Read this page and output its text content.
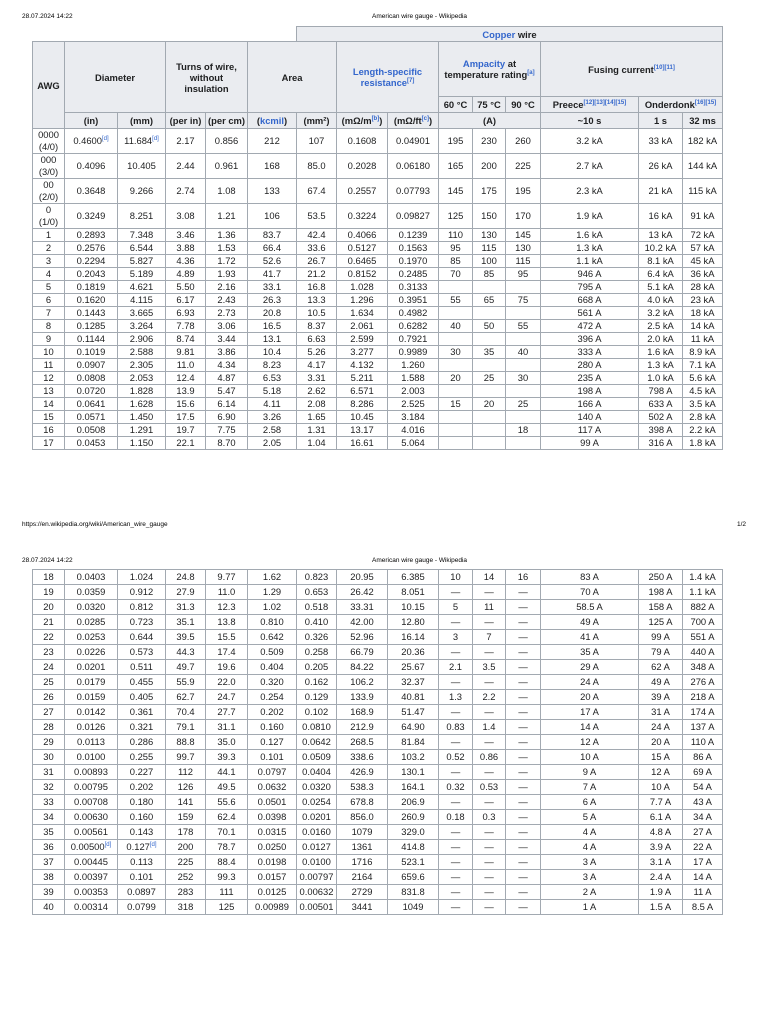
28.07.2024 14:22	American wire gauge - Wikipedia
						Copper wire								
AWG	Diameter		Turns of wire, without insulation		Area		Length-specific resistance[7]		Ampacity at temperature rating[a]			Fusing current[10][11]
									60 °C	75 °C	90 °C	Preece[12][13][14][15]	Onderdonk[16][15]
	(in)	(mm)	(per in)	(per cm)	(kcmil)	(mm²)	(mΩ/m[b])	(mΩ/ft[c])	(A)			~10 s	1 s	32 ms
0000
(4/0)	0.4600[d]	11.684[d]	2.17	0.856	212	107	0.1608	0.04901	195	230	260	3.2 kA	33 kA	182 kA
000
(3/0)	0.4096	10.405	2.44	0.961	168	85.0	0.2028	0.06180	165	200	225	2.7 kA	26 kA	144 kA
00
(2/0)	0.3648	9.266	2.74	1.08	133	67.4	0.2557	0.07793	145	175	195	2.3 kA	21 kA	115 kA
0
(1/0)	0.3249	8.251	3.08	1.21	106	53.5	0.3224	0.09827	125	150	170	1.9 kA	16 kA	91 kA
1	0.2893	7.348	3.46	1.36	83.7	42.4	0.4066	0.1239	110	130	145	1.6 kA	13 kA	72 kA
2	0.2576	6.544	3.88	1.53	66.4	33.6	0.5127	0.1563	95	115	130	1.3 kA	10.2 kA	57 kA
3	0.2294	5.827	4.36	1.72	52.6	26.7	0.6465	0.1970	85	100	115	1.1 kA	8.1 kA	45 kA
4	0.2043	5.189	4.89	1.93	41.7	21.2	0.8152	0.2485	70	85	95	946 A	6.4 kA	36 kA
5	0.1819	4.621	5.50	2.16	33.1	16.8	1.028	0.3133				795 A	5.1 kA	28 kA
6	0.1620	4.115	6.17	2.43	26.3	13.3	1.296	0.3951	55	65	75	668 A	4.0 kA	23 kA
7	0.1443	3.665	6.93	2.73	20.8	10.5	1.634	0.4982				561 A	3.2 kA	18 kA
8	0.1285	3.264	7.78	3.06	16.5	8.37	2.061	0.6282	40	50	55	472 A	2.5 kA	14 kA
9	0.1144	2.906	8.74	3.44	13.1	6.63	2.599	0.7921				396 A	2.0 kA	11 kA
10	0.1019	2.588	9.81	3.86	10.4	5.26	3.277	0.9989	30	35	40	333 A	1.6 kA	8.9 kA
11	0.0907	2.305	11.0	4.34	8.23	4.17	4.132	1.260				280 A	1.3 kA	7.1 kA
12	0.0808	2.053	12.4	4.87	6.53	3.31	5.211	1.588	20	25	30	235 A	1.0 kA	5.6 kA
13	0.0720	1.828	13.9	5.47	5.18	2.62	6.571	2.003				198 A	798 A	4.5 kA
14	0.0641	1.628	15.6	6.14	4.11	2.08	8.286	2.525	15	20	25	166 A	633 A	3.5 kA
15	0.0571	1.450	17.5	6.90	3.26	1.65	10.45	3.184				140 A	502 A	2.8 kA
16	0.0508	1.291	19.7	7.75	2.58	1.31	13.17	4.016			18	117 A	398 A	2.2 kA
17	0.0453	1.150	22.1	8.70	2.05	1.04	16.61	5.064				99 A	316 A	1.8 kA
https://en.wikipedia.org/wiki/American_wire_gauge	1/2
28.07.2024 14:22	American wire gauge - Wikipedia
18	0.0403	1.024	24.8	9.77	1.62	0.823	20.95	6.385	10	14	16	83 A	250 A	1.4 kA
19	0.0359	0.912	27.9	11.0	1.29	0.653	26.42	8.051	—	—	—	70 A	198 A	1.1 kA
20	0.0320	0.812	31.3	12.3	1.02	0.518	33.31	10.15	5	11	—	58.5 A	158 A	882 A
21	0.0285	0.723	35.1	13.8	0.810	0.410	42.00	12.80	—	—	—	49 A	125 A	700 A
22	0.0253	0.644	39.5	15.5	0.642	0.326	52.96	16.14	3	7	—	41 A	99 A	551 A
23	0.0226	0.573	44.3	17.4	0.509	0.258	66.79	20.36	—	—	—	35 A	79 A	440 A
24	0.0201	0.511	49.7	19.6	0.404	0.205	84.22	25.67	2.1	3.5	—	29 A	62 A	348 A
25	0.0179	0.455	55.9	22.0	0.320	0.162	106.2	32.37	—	—	—	24 A	49 A	276 A
26	0.0159	0.405	62.7	24.7	0.254	0.129	133.9	40.81	1.3	2.2	—	20 A	39 A	218 A
27	0.0142	0.361	70.4	27.7	0.202	0.102	168.9	51.47	—	—	—	17 A	31 A	174 A
28	0.0126	0.321	79.1	31.1	0.160	0.0810	212.9	64.90	0.83	1.4	—	14 A	24 A	137 A
29	0.0113	0.286	88.8	35.0	0.127	0.0642	268.5	81.84	—	—	—	12 A	20 A	110 A
30	0.0100	0.255	99.7	39.3	0.101	0.0509	338.6	103.2	0.52	0.86	—	10 A	15 A	86 A
31	0.00893	0.227	112	44.1	0.0797	0.0404	426.9	130.1	—	—	—	9 A	12 A	69 A
32	0.00795	0.202	126	49.5	0.0632	0.0320	538.3	164.1	0.32	0.53	—	7 A	10 A	54 A
33	0.00708	0.180	141	55.6	0.0501	0.0254	678.8	206.9	—	—	—	6 A	7.7 A	43 A
34	0.00630	0.160	159	62.4	0.0398	0.0201	856.0	260.9	0.18	0.3	—	5 A	6.1 A	34 A
35	0.00561	0.143	178	70.1	0.0315	0.0160	1079	329.0	—	—	—	4 A	4.8 A	27 A
36	0.00500[d]	0.127[d]	200	78.7	0.0250	0.0127	1361	414.8	—	—	—	4 A	3.9 A	22 A
37	0.00445	0.113	225	88.4	0.0198	0.0100	1716	523.1	—	—	—	3 A	3.1 A	17 A
38	0.00397	0.101	252	99.3	0.0157	0.00797	2164	659.6	—	—	—	3 A	2.4 A	14 A
39	0.00353	0.0897	283	111	0.0125	0.00632	2729	831.8	—	—	—	2 A	1.9 A	11 A
40	0.00314	0.0799	318	125	0.00989	0.00501	3441	1049	—	—	—	1 A	1.5 A	8.5 A
